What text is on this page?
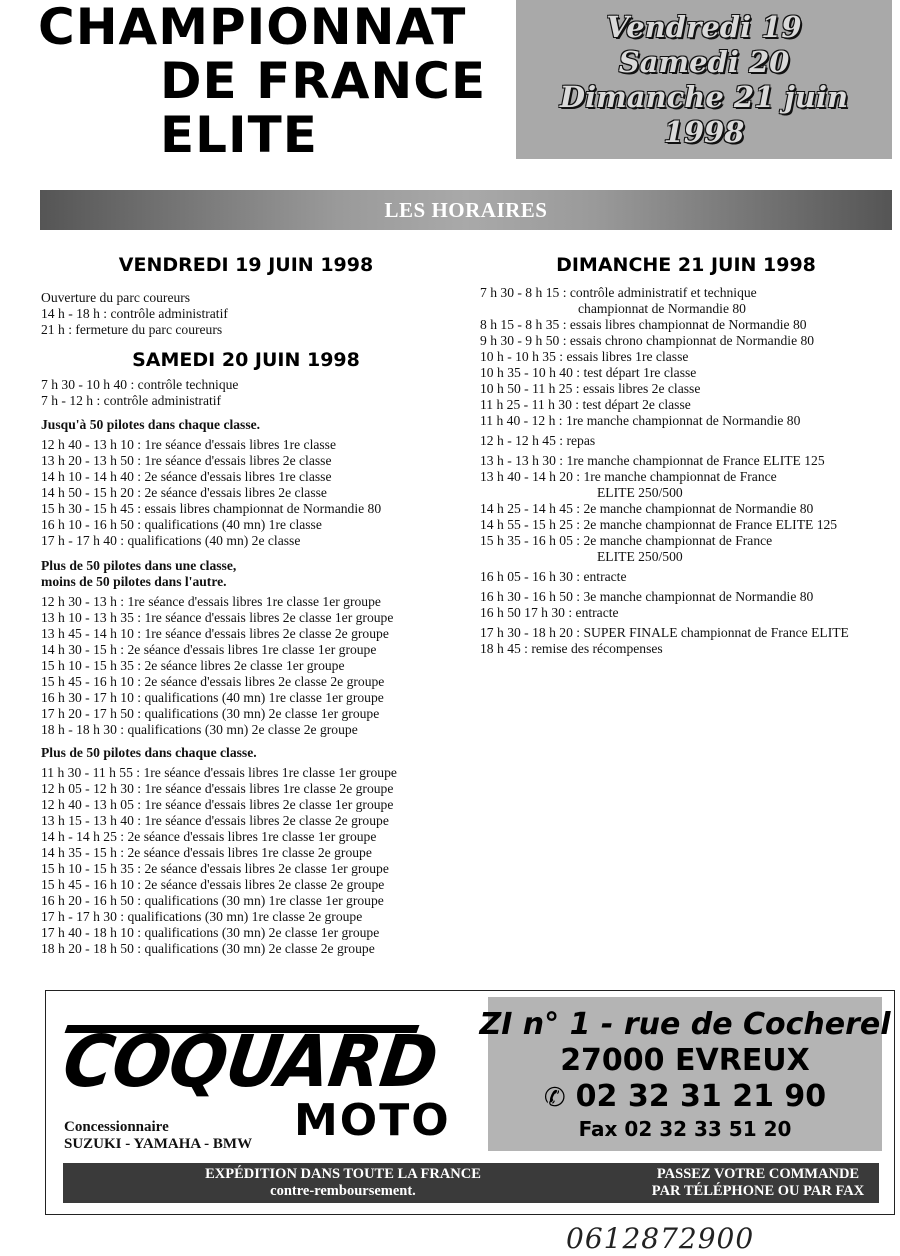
CHAMPIONNAT
DE FRANCE
ELITE
Vendredi 19
Samedi 20
Dimanche 21 juin
1998
LES HORAIRES
VENDREDI 19 JUIN 1998
Ouverture du parc coureurs
14 h - 18 h : contrôle administratif
21 h : fermeture du parc coureurs
SAMEDI 20 JUIN 1998
7 h 30 - 10 h 40 : contrôle technique
7 h - 12 h : contrôle administratif
Jusqu'à 50 pilotes dans chaque classe.
12 h 40 - 13 h 10 : 1re séance d'essais libres 1re classe
13 h 20 - 13 h 50 : 1re séance d'essais libres 2e classe
14 h 10 - 14 h 40 : 2e séance d'essais libres 1re classe
14 h 50 - 15 h 20 : 2e séance d'essais libres 2e classe
15 h 30 - 15 h 45 : essais libres championnat de Normandie 80
16 h 10 - 16 h 50 : qualifications (40 mn) 1re classe
17 h - 17 h 40 : qualifications (40 mn) 2e classe
Plus de 50 pilotes dans une classe,
moins de 50 pilotes dans l'autre.
12 h 30 - 13 h : 1re séance d'essais libres 1re classe 1er groupe
13 h 10 - 13 h 35 : 1re séance d'essais libres 2e classe 1er groupe
13 h 45 - 14 h 10 : 1re séance d'essais libres 2e classe 2e groupe
14 h 30 - 15 h : 2e séance d'essais libres 1re classe 1er groupe
15 h 10 - 15 h 35 : 2e séance libres 2e classe 1er groupe
15 h 45 - 16 h 10 : 2e séance d'essais libres 2e classe 2e groupe
16 h 30 - 17 h 10 : qualifications (40 mn) 1re classe 1er groupe
17 h 20 - 17 h 50 : qualifications (30 mn) 2e classe 1er groupe
18 h - 18 h 30 : qualifications (30 mn) 2e classe 2e groupe
Plus de 50 pilotes dans chaque classe.
11 h 30 - 11 h 55 : 1re séance d'essais libres 1re classe 1er groupe
12 h 05 - 12 h 30 : 1re séance d'essais libres 1re classe 2e groupe
12 h 40 - 13 h 05 : 1re séance d'essais libres 2e classe 1er groupe
13 h 15 - 13 h 40 : 1re séance d'essais libres 2e classe 2e groupe
14 h - 14 h 25 : 2e séance d'essais libres 1re classe 1er groupe
14 h 35 - 15 h : 2e séance d'essais libres 1re classe 2e groupe
15 h 10 - 15 h 35 : 2e séance d'essais libres 2e classe 1er groupe
15 h 45 - 16 h 10 : 2e séance d'essais libres 2e classe 2e groupe
16 h 20 - 16 h 50 : qualifications (30 mn) 1re classe 1er groupe
17 h - 17 h 30 : qualifications (30 mn) 1re classe 2e groupe
17 h 40 - 18 h 10 : qualifications (30 mn) 2e classe 1er groupe
18 h 20 - 18 h 50 : qualifications (30 mn) 2e classe 2e groupe
DIMANCHE 21 JUIN 1998
7 h 30 - 8 h 15 : contrôle administratif et technique
championnat de Normandie 80
8 h 15 - 8 h 35 : essais libres championnat de Normandie 80
9 h 30 - 9 h 50 : essais chrono championnat de Normandie 80
10 h - 10 h 35 : essais libres 1re classe
10 h 35 - 10 h 40 : test départ 1re classe
10 h 50 - 11 h 25 : essais libres 2e classe
11 h 25 - 11 h 30 : test départ 2e classe
11 h 40 - 12 h : 1re manche championnat de Normandie 80
12 h - 12 h 45 : repas
13 h - 13 h 30 : 1re manche championnat de France ELITE 125
13 h 40 - 14 h 20 : 1re manche championnat de France
ELITE 250/500
14 h 25 - 14 h 45 : 2e manche championnat de Normandie 80
14 h 55 - 15 h 25 : 2e manche championnat de France ELITE 125
15 h 35 - 16 h 05 : 2e manche championnat de France
ELITE 250/500
16 h 05 - 16 h 30 : entracte
16 h 30 - 16 h 50 : 3e manche championnat de Normandie 80
16 h 50 17 h 30 : entracte
17 h 30 - 18 h 20 : SUPER FINALE championnat de France ELITE
18 h 45 : remise des récompenses
COQUARD
MOTO
Concessionnaire
SUZUKI - YAMAHA - BMW
ZI n° 1 - rue de Cocherel
27000 EVREUX
✆ 02 32 31 21 90
Fax 02 32 33 51 20
EXPÉDITION DANS TOUTE LA FRANCE
contre-remboursement.
PASSEZ VOTRE COMMANDE
PAR TÉLÉPHONE OU PAR FAX
0612872900
